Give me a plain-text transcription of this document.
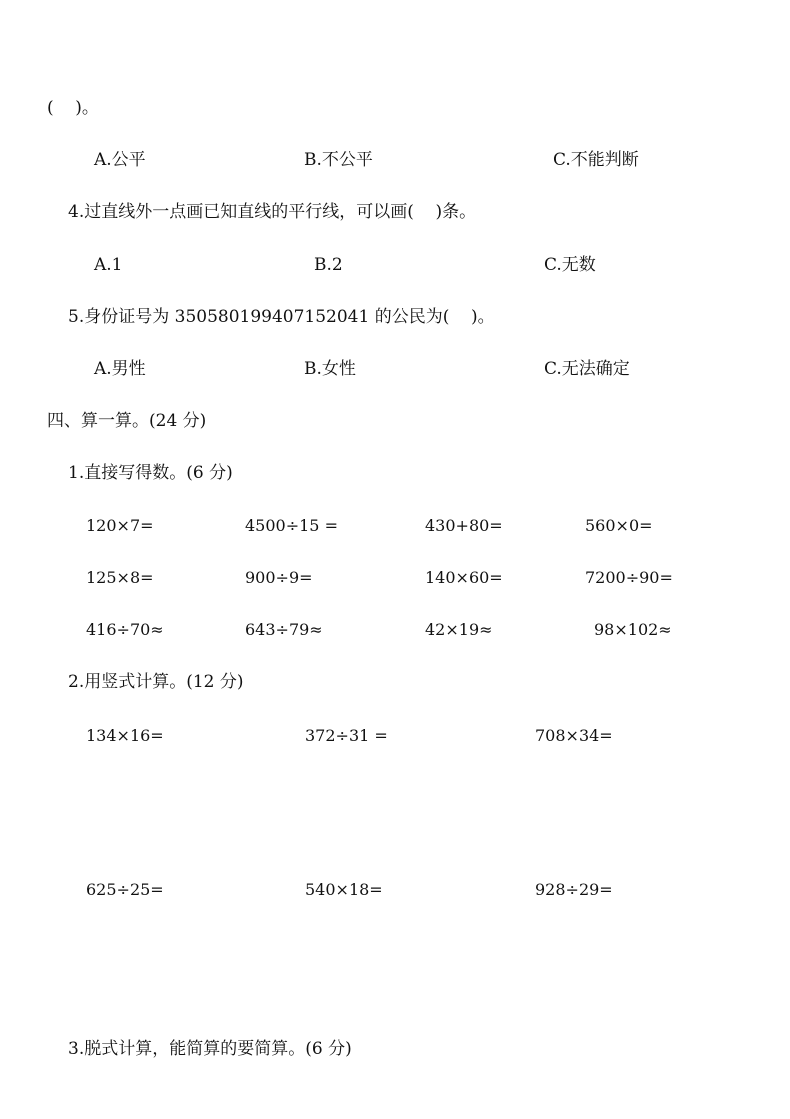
(    )。
A.公平	B.不公平	C.不能判断
4.过直线外一点画已知直线的平行线，可以画(    )条。
A.1	B.2	C.无数
5.身份证号为 350580199407152041 的公民为(    )。
A.男性	B.女性	C.无法确定
四、算一算。(24 分)
1.直接写得数。(6 分)
120×7=	4500÷15 =	430+80=	560×0=
125×8=	900÷9=	140×60=	7200÷90=
416÷70≈	643÷79≈	42×19≈	98×102≈
2.用竖式计算。(12 分)
134×16=	372÷31 =	708×34=
625÷25=	540×18=	928÷29=
3.脱式计算，能简算的要简算。(6 分)
